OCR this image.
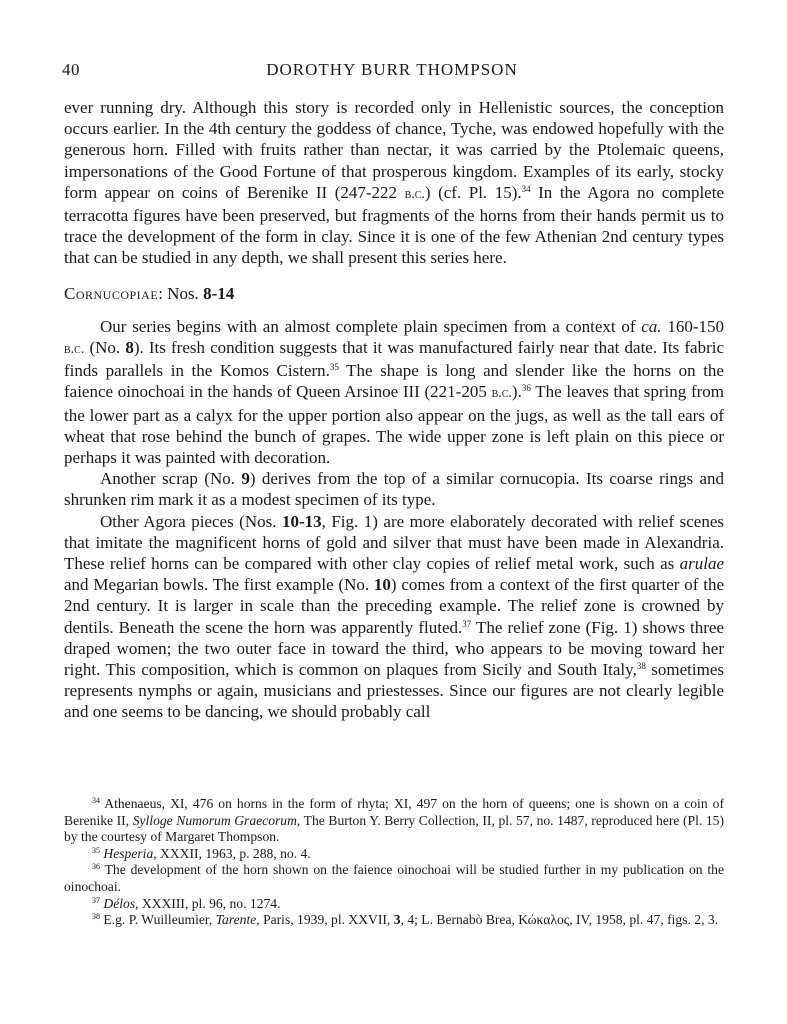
40	DOROTHY BURR THOMPSON

ever running dry. Although this story is recorded only in Hellenistic sources, the conception occurs earlier. In the 4th century the goddess of chance, Tyche, was endowed hopefully with the generous horn. Filled with fruits rather than nectar, it was carried by the Ptolemaic queens, impersonations of the Good Fortune of that prosperous kingdom. Examples of its early, stocky form appear on coins of Berenike II (247-222 b.c.) (cf. Pl. 15).$^{34}$ In the Agora no complete terracotta figures have been preserved, but fragments of the horns from their hands permit us to trace the development of the form in clay. Since it is one of the few Athenian 2nd century types that can be studied in any depth, we shall present this series here.

Cornucopiae: Nos. 8-14

Our series begins with an almost complete plain specimen from a context of ca. 160-150 b.c. (No. 8). Its fresh condition suggests that it was manufactured fairly near that date. Its fabric finds parallels in the Komos Cistern.$^{35}$ The shape is long and slender like the horns on the faience oinochoai in the hands of Queen Arsinoe III (221-205 b.c.).$^{36}$ The leaves that spring from the lower part as a calyx for the upper portion also appear on the jugs, as well as the tall ears of wheat that rose behind the bunch of grapes. The wide upper zone is left plain on this piece or perhaps it was painted with decoration.

Another scrap (No. 9) derives from the top of a similar cornucopia. Its coarse rings and shrunken rim mark it as a modest specimen of its type.

Other Agora pieces (Nos. 10-13, Fig. 1) are more elaborately decorated with relief scenes that imitate the magnificent horns of gold and silver that must have been made in Alexandria. These relief horns can be compared with other clay copies of relief metal work, such as arulae and Megarian bowls. The first example (No. 10) comes from a context of the first quarter of the 2nd century. It is larger in scale than the preceding example. The relief zone is crowned by dentils. Beneath the scene the horn was apparently fluted.$^{37}$ The relief zone (Fig. 1) shows three draped women; the two outer face in toward the third, who appears to be moving toward her right. This composition, which is common on plaques from Sicily and South Italy,$^{38}$ sometimes represents nymphs or again, musicians and priestesses. Since our figures are not clearly legible and one seems to be dancing, we should probably call

$^{34}$ Athenaeus, XI, 476 on horns in the form of rhyta; XI, 497 on the horn of queens; one is shown on a coin of Berenike II, Sylloge Numorum Graecorum, The Burton Y. Berry Collection, II, pl. 57, no. 1487, reproduced here (Pl. 15) by the courtesy of Margaret Thompson.

$^{35}$ Hesperia, XXXII, 1963, p. 288, no. 4.

$^{36}$ The development of the horn shown on the faience oinochoai will be studied further in my publication on the oinochoai.

$^{37}$ Délos, XXXIII, pl. 96, no. 1274.

$^{38}$ E.g. P. Wuilleumier, Tarente, Paris, 1939, pl. XXVII, 3, 4; L. Bernabò Brea, Κώκαλος, IV, 1958, pl. 47, figs. 2, 3.
